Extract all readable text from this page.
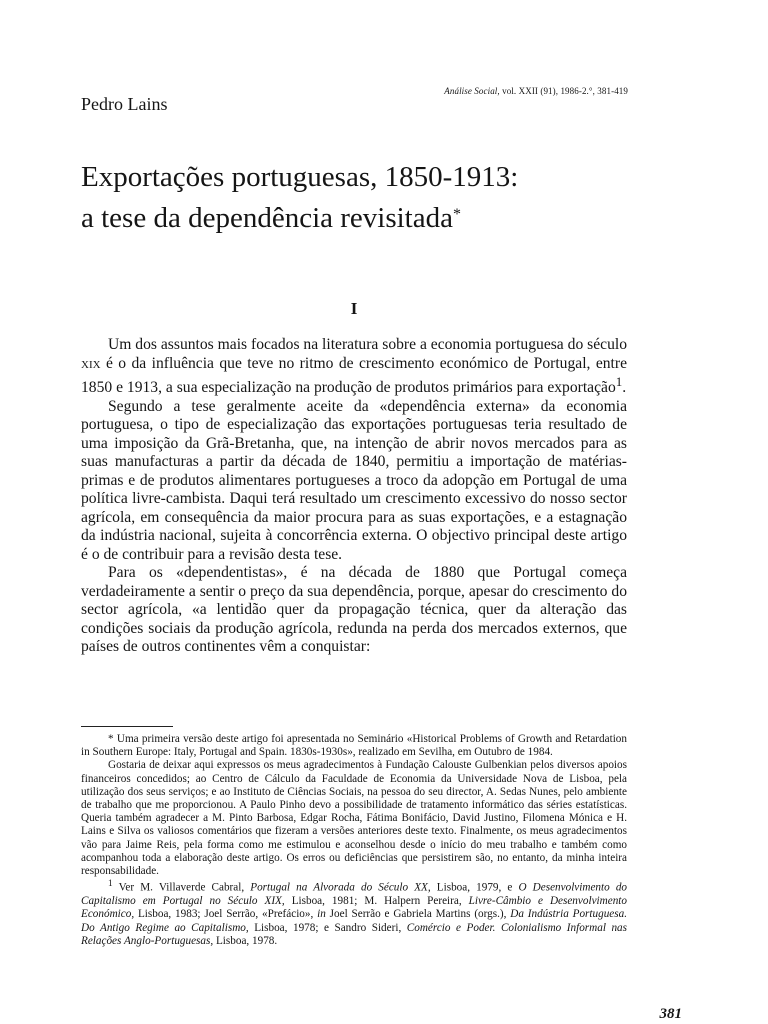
Análise Social, vol. XXII (91), 1986-2.°, 381-419
Pedro Lains
Exportações portuguesas, 1850-1913:
a tese da dependência revisitada*
I

Um dos assuntos mais focados na literatura sobre a economia portuguesa do século xix é o da influência que teve no ritmo de crescimento económico de Portugal, entre 1850 e 1913, a sua especialização na produção de produtos primários para exportação$^1$.

Segundo a tese geralmente aceite da «dependência externa» da economia portuguesa, o tipo de especialização das exportações portuguesas teria resultado de uma imposição da Grã-Bretanha, que, na intenção de abrir novos mercados para as suas manufacturas a partir da década de 1840, permitiu a importação de matérias-primas e de produtos alimentares portugueses a troco da adopção em Portugal de uma política livre-cambista. Daqui terá resultado um crescimento excessivo do nosso sector agrícola, em consequência da maior procura para as suas exportações, e a estagnação da indústria nacional, sujeita à concorrência externa. O objectivo principal deste artigo é o de contribuir para a revisão desta tese.

Para os «dependentistas», é na década de 1880 que Portugal começa verdadeiramente a sentir o preço da sua dependência, porque, apesar do crescimento do sector agrícola, «a lentidão quer da propagação técnica, quer da alteração das condições sociais da produção agrícola, redunda na perda dos mercados externos, que países de outros continentes vêm a conquistar:

* Uma primeira versão deste artigo foi apresentada no Seminário «Historical Problems of Growth and Retardation in Southern Europe: Italy, Portugal and Spain. 1830s-1930s», realizado em Sevilha, em Outubro de 1984.

Gostaria de deixar aqui expressos os meus agradecimentos à Fundação Calouste Gulbenkian pelos diversos apoios financeiros concedidos; ao Centro de Cálculo da Faculdade de Economia da Universidade Nova de Lisboa, pela utilização dos seus serviços; e ao Instituto de Ciências Sociais, na pessoa do seu director, A. Sedas Nunes, pelo ambiente de trabalho que me proporcionou. A Paulo Pinho devo a possibilidade de tratamento informático das séries estatísticas. Queria também agradecer a M. Pinto Barbosa, Edgar Rocha, Fátima Bonifácio, David Justino, Filomena Mónica e H. Lains e Silva os valiosos comentários que fizeram a versões anteriores deste texto. Finalmente, os meus agradecimentos vão para Jaime Reis, pela forma como me estimulou e aconselhou desde o início do meu trabalho e também como acompanhou toda a elaboração deste artigo. Os erros ou deficiências que persistirem são, no entanto, da minha inteira responsabilidade.

$^1$ Ver M. Villaverde Cabral, Portugal na Alvorada do Século XX, Lisboa, 1979, e O Desenvolvimento do Capitalismo em Portugal no Século XIX, Lisboa, 1981; M. Halpern Pereira, Livre-Câmbio e Desenvolvimento Económico, Lisboa, 1983; Joel Serrão, «Prefácio», in Joel Serrão e Gabriela Martins (orgs.), Da Indústria Portuguesa. Do Antigo Regime ao Capitalismo, Lisboa, 1978; e Sandro Sideri, Comércio e Poder. Colonialismo Informal nas Relações Anglo-Portuguesas, Lisboa, 1978.

381
